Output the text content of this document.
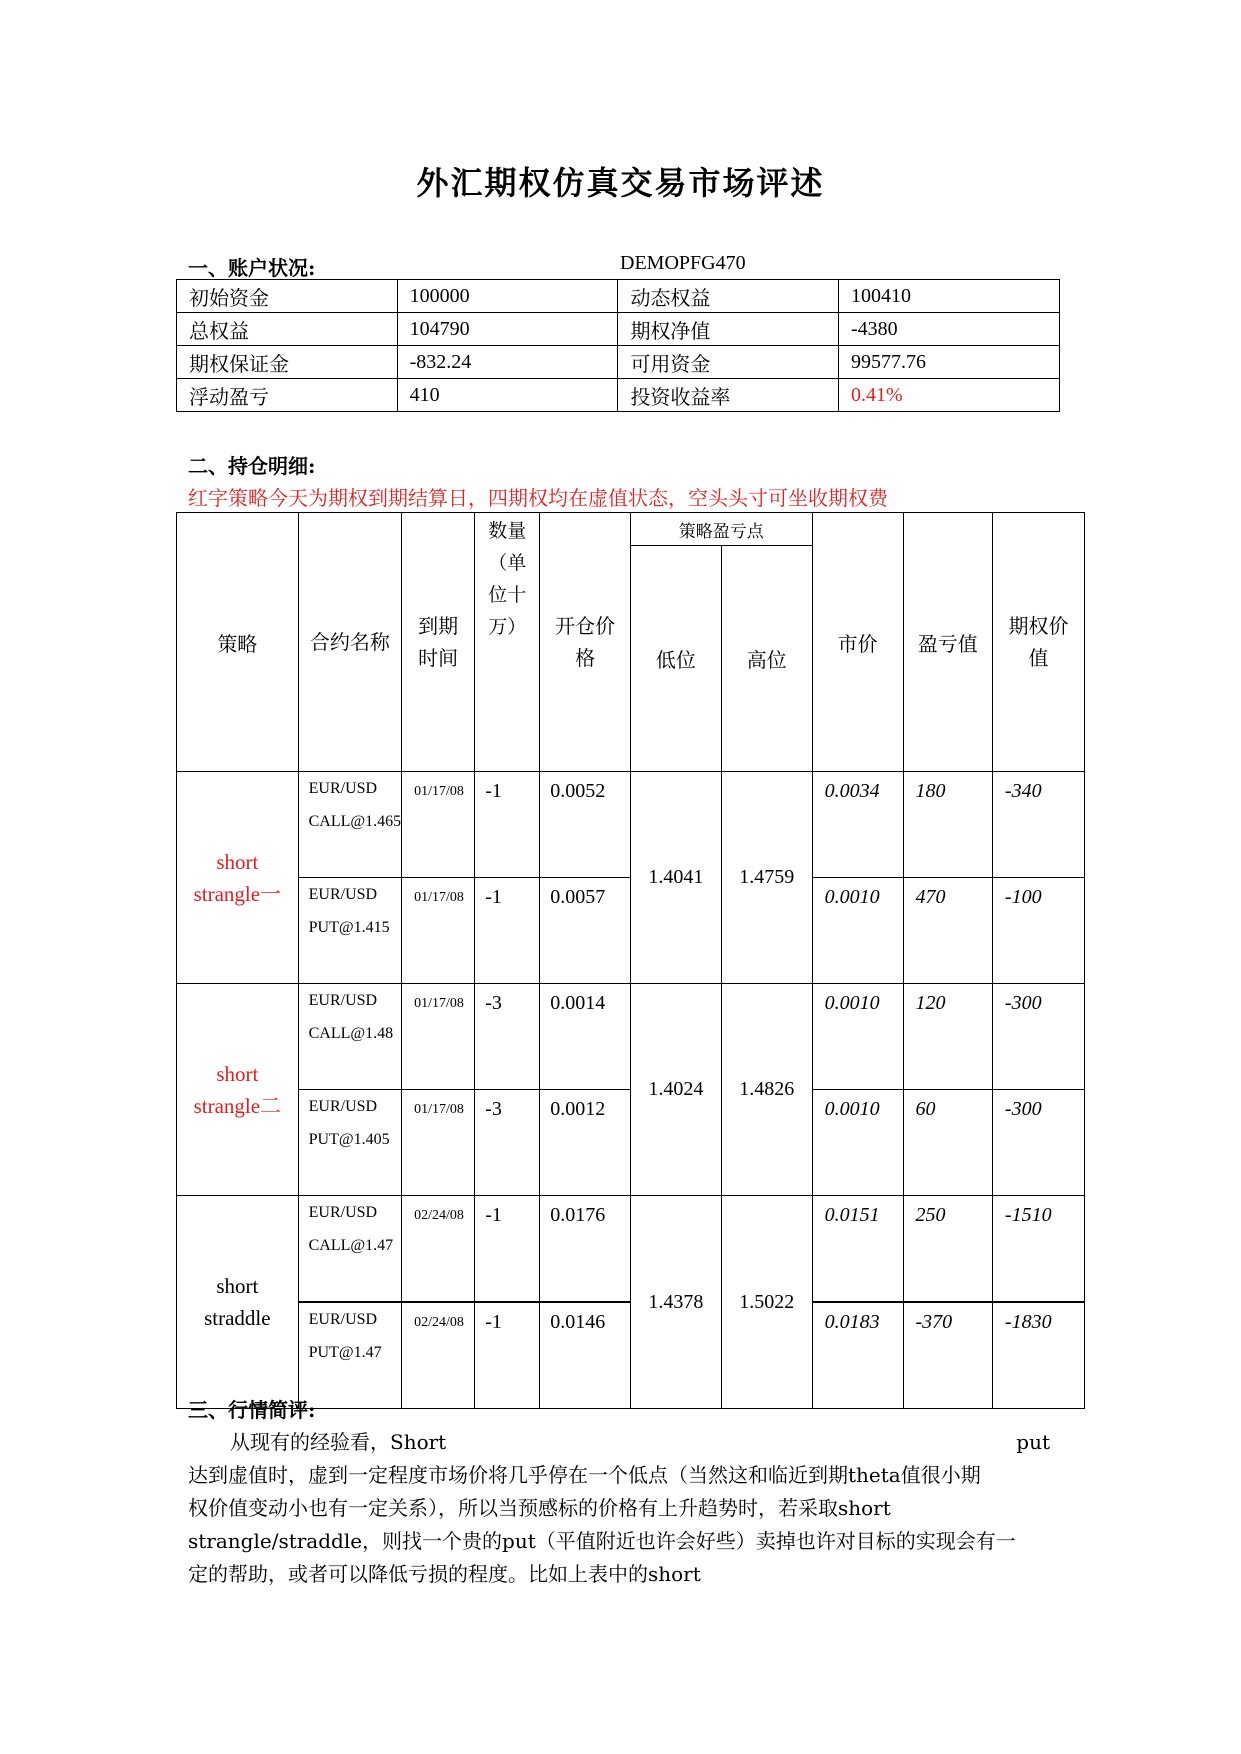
外汇期权仿真交易市场评述
一、账户状况:	DEMOPFG470
初始资金	100000	动态权益	100410
总权益	104790	期权净值	-4380
期权保证金	-832.24	可用资金	99577.76
浮动盈亏	410	投资收益率	0.41%
二、持仓明细:
红字策略今天为期权到期结算日，四期权均在虚值状态，空头头寸可坐收期权费
策略	合约名称	到期时间	数量（单位十万）	开仓价格	策略盈亏点		市价	盈亏值	期权价值
					低位	高位			
short strangle一	EUR/USD CALL@1.465	01/17/08	-1	0.0052	1.4041	1.4759	0.0034	180	-340
	EUR/USD PUT@1.415	01/17/08	-1	0.0057			0.0010	470	-100
short strangle二	EUR/USD CALL@1.48	01/17/08	-3	0.0014	1.4024	1.4826	0.0010	120	-300
	EUR/USD PUT@1.405	01/17/08	-3	0.0012			0.0010	60	-300
short straddle	EUR/USD CALL@1.47	02/24/08	-1	0.0176	1.4378	1.5022	0.0151	250	-1510
	EUR/USD PUT@1.47	02/24/08	-1	0.0146			0.0183	-370	-1830
三、行情简评:
从现有的经验看，Short	put
达到虚值时，虚到一定程度市场价将几乎停在一个低点（当然这和临近到期theta值很小期
权价值变动小也有一定关系），所以当预感标的价格有上升趋势时，若采取short
strangle/straddle，则找一个贵的put（平值附近也许会好些）卖掉也许对目标的实现会有一
定的帮助，或者可以降低亏损的程度。比如上表中的short
